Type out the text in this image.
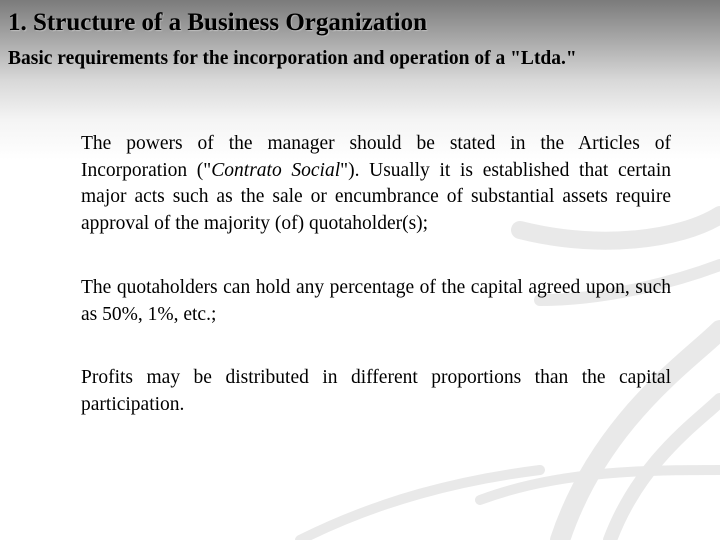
1. Structure of a Business Organization
Basic requirements for the incorporation and operation of a "Ltda."

The powers of the manager should be stated in the Articles of Incorporation ("Contrato Social"). Usually it is established that certain major acts such as the sale or encumbrance of substantial assets require approval of the majority (of) quotaholder(s);

The quotaholders can hold any percentage of the capital agreed upon, such as 50%, 1%, etc.;

Profits may be distributed in different proportions than the capital participation.
